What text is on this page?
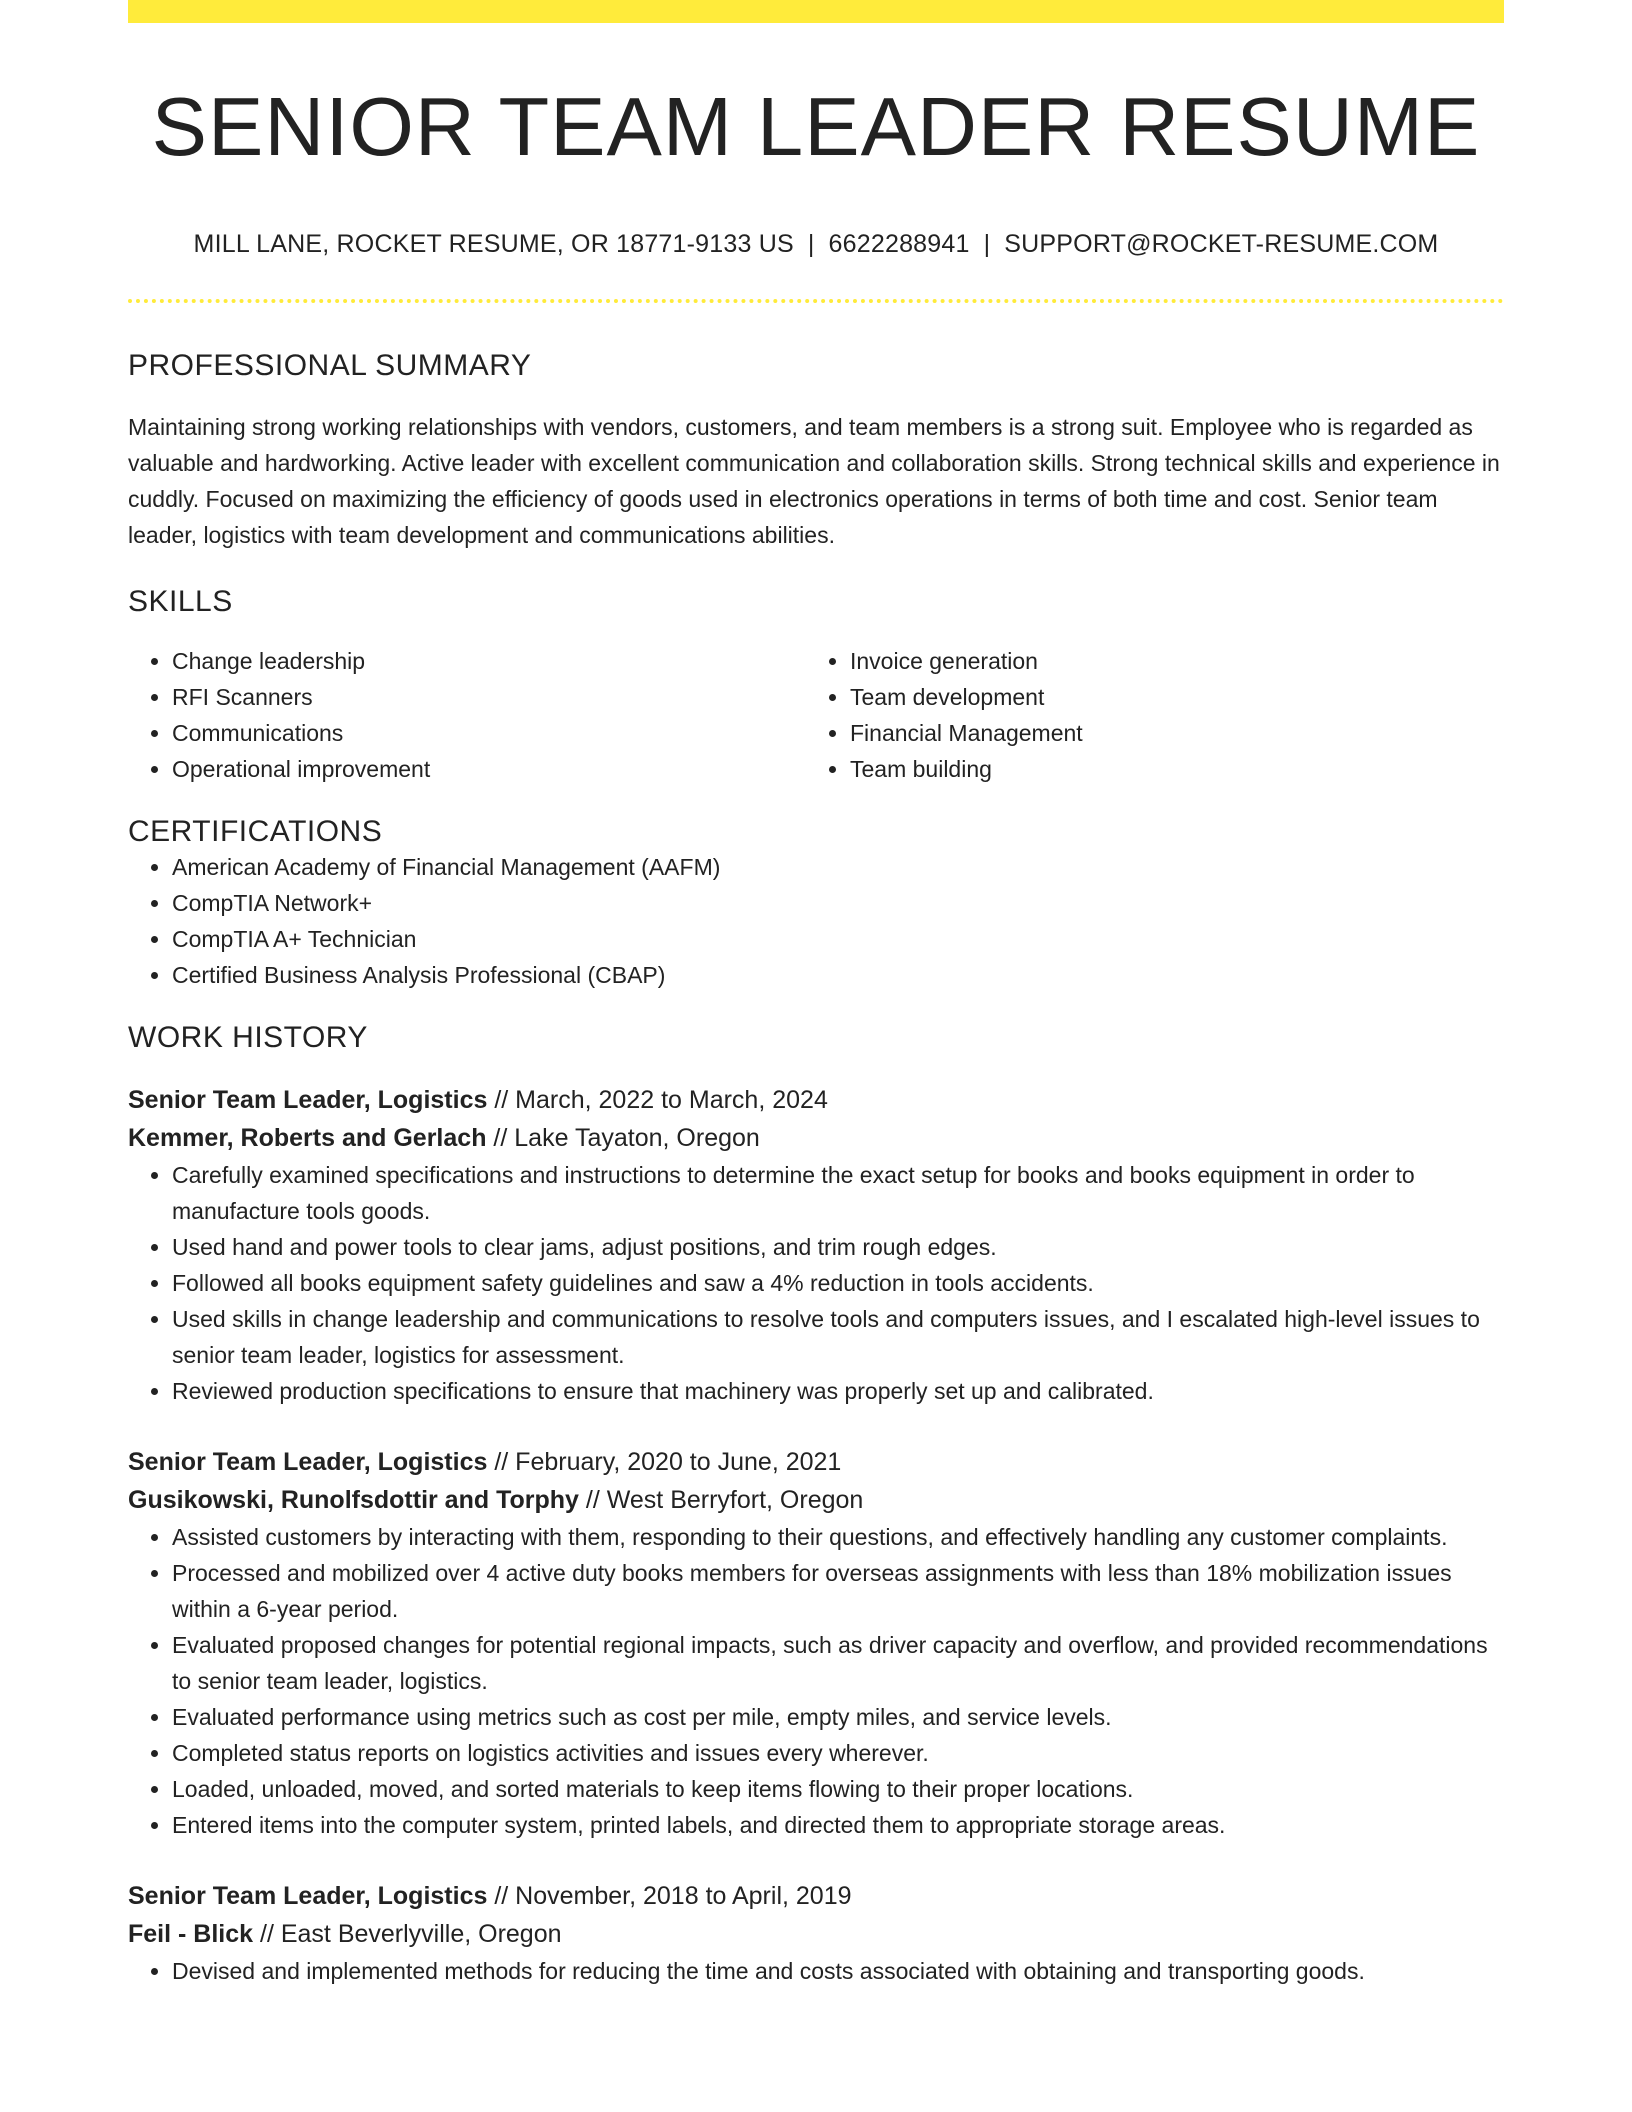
SENIOR TEAM LEADER RESUME
MILL LANE, ROCKET RESUME, OR 18771-9133 US | 6622288941 | SUPPORT@ROCKET-RESUME.COM
PROFESSIONAL SUMMARY

Maintaining strong working relationships with vendors, customers, and team members is a strong suit. Employee who is regarded as valuable and hardworking. Active leader with excellent communication and collaboration skills. Strong technical skills and experience in cuddly. Focused on maximizing the efficiency of goods used in electronics operations in terms of both time and cost. Senior team leader, logistics with team development and communications abilities.

SKILLS
• Change leadership
• RFI Scanners
• Communications
• Operational improvement
• Invoice generation
• Team development
• Financial Management
• Team building
CERTIFICATIONS
• American Academy of Financial Management (AAFM)
• CompTIA Network+
• CompTIA A+ Technician
• Certified Business Analysis Professional (CBAP)
WORK HISTORY
Senior Team Leader, Logistics // March, 2022 to March, 2024
Kemmer, Roberts and Gerlach // Lake Tayaton, Oregon
• Carefully examined specifications and instructions to determine the exact setup for books and books equipment in order to manufacture tools goods.
• Used hand and power tools to clear jams, adjust positions, and trim rough edges.
• Followed all books equipment safety guidelines and saw a 4% reduction in tools accidents.
• Used skills in change leadership and communications to resolve tools and computers issues, and I escalated high-level issues to senior team leader, logistics for assessment.
• Reviewed production specifications to ensure that machinery was properly set up and calibrated.
Senior Team Leader, Logistics // February, 2020 to June, 2021
Gusikowski, Runolfsdottir and Torphy // West Berryfort, Oregon
• Assisted customers by interacting with them, responding to their questions, and effectively handling any customer complaints.
• Processed and mobilized over 4 active duty books members for overseas assignments with less than 18% mobilization issues within a 6-year period.
• Evaluated proposed changes for potential regional impacts, such as driver capacity and overflow, and provided recommendations to senior team leader, logistics.
• Evaluated performance using metrics such as cost per mile, empty miles, and service levels.
• Completed status reports on logistics activities and issues every wherever.
• Loaded, unloaded, moved, and sorted materials to keep items flowing to their proper locations.
• Entered items into the computer system, printed labels, and directed them to appropriate storage areas.
Senior Team Leader, Logistics // November, 2018 to April, 2019
Feil - Blick // East Beverlyville, Oregon
• Devised and implemented methods for reducing the time and costs associated with obtaining and transporting goods.
